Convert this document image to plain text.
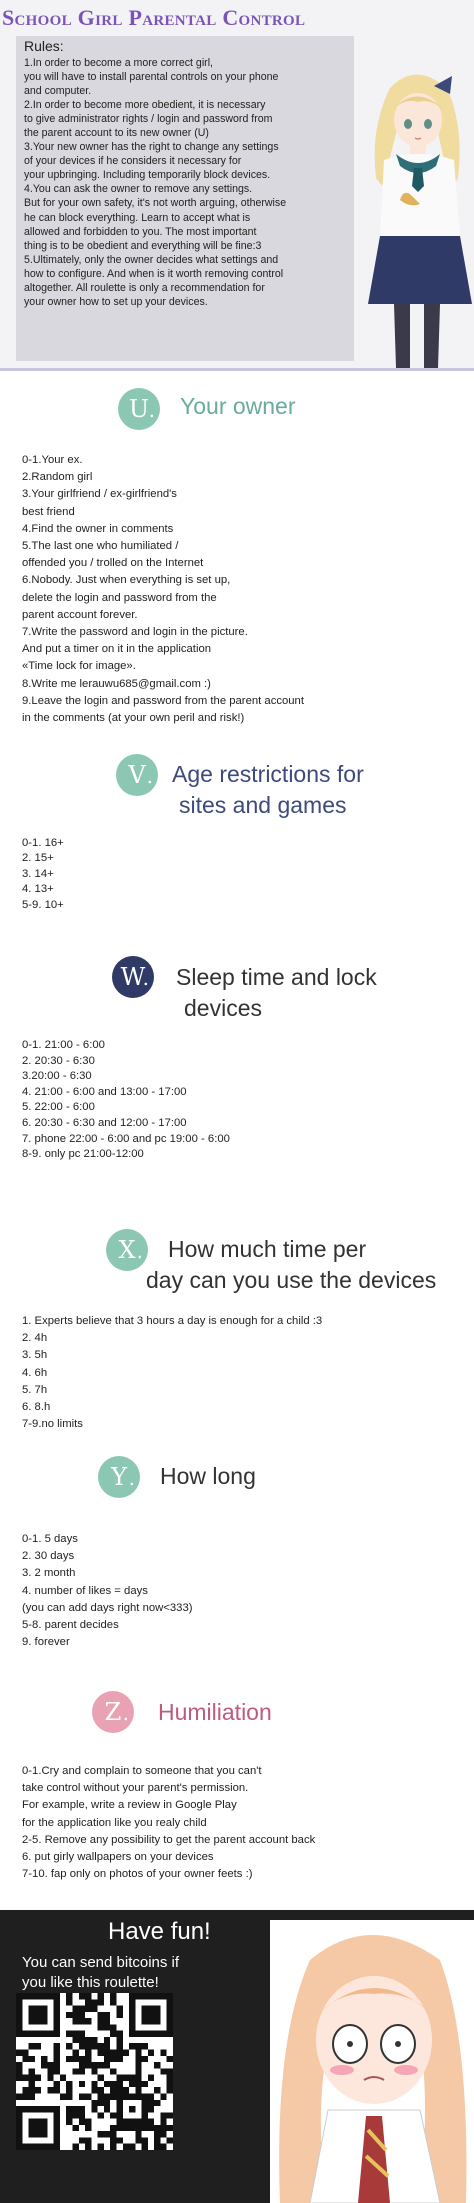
School Girl Parental Control
Rules:

1.In order to become a more correct girl,

you will have to install parental controls on your phone

and computer.

2.In order to become more obedient, it is necessary

to give administrator rights / login and password from

the parent account to its new owner (U)

3.Your new owner has the right to change any settings

of your devices if he considers it necessary for

your upbringing. Including temporarily block devices.

4.You can ask the owner to remove any settings.

But for your own safety, it's not worth arguing, otherwise

he can block everything. Learn to accept what is

allowed and forbidden to you. The most important

thing is to be obedient and everything will be fine:3

5.Ultimately, only the owner decides what settings and

how to configure. And when is it worth removing control

altogether. All roulette is only a recommendation for

your owner how to set up your devices.

U .	Your owner
0-1.Your ex.
2.Random girl
3.Your girlfriend / ex-girlfriend's
best friend
4.Find the owner in comments
5.The last one who humiliated /
offended you / trolled on the Internet
6.Nobody. Just when everything is set up,
delete the login and password from the
parent account forever.
7.Write the password and login in the picture.
And put a timer on it in the application
«Time lock for image».
8.Write me lerauwu685@gmail.com :)
9.Leave the login and password from the parent account
in the comments (at your own peril and risk!)
V .	Age restrictions for
sites and games
0-1. 16+
2. 15+
3. 14+
4. 13+
5-9. 10+
W .	Sleep time and lock
devices
0-1. 21:00 - 6:00
2. 20:30 - 6:30
3.20:00 - 6:30
4. 21:00 - 6:00 and 13:00 - 17:00
5. 22:00 - 6:00
6. 20:30 - 6:30 and 12:00 - 17:00
7. phone 22:00 - 6:00 and pc 19:00 - 6:00
8-9. only pc 21:00-12:00
X .	How much time per
day can you use the devices
1. Experts believe that 3 hours a day is enough for a child :3
2. 4h
3. 5h
4. 6h
5. 7h
6. 8.h
7-9.no limits
Y .	How long
0-1. 5 days
2. 30 days
3. 2 month
4. number of likes = days
(you can add days right now<333)
5-8. parent decides
9. forever
Z .	Humiliation
0-1.Cry and complain to someone that you can't
take control without your parent's permission.
For example, write a review in Google Play
for the application like you realy child
2-5. Remove any possibility to get the parent account back
6. put girly wallpapers on your devices
7-10. fap only on photos of your owner feets :)
Have fun!
You can send bitcoins if
you like this roulette!
